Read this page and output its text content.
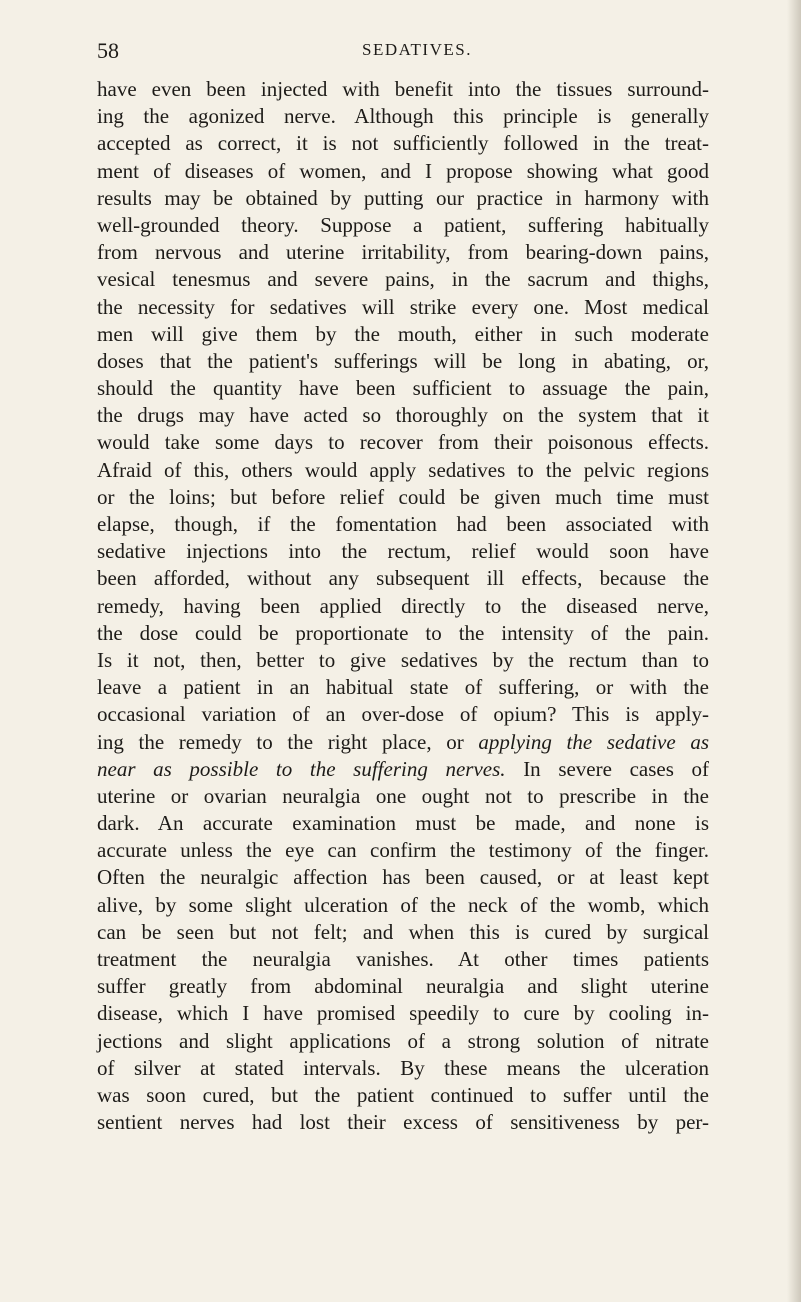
58	SEDATIVES.
have even been injected with benefit into the tissues surround-
ing the agonized nerve. Although this principle is generally
accepted as correct, it is not sufficiently followed in the treat-
ment of diseases of women, and I propose showing what good
results may be obtained by putting our practice in harmony with
well-grounded theory. Suppose a patient, suffering habitually
from nervous and uterine irritability, from bearing-down pains,
vesical tenesmus and severe pains, in the sacrum and thighs,
the necessity for sedatives will strike every one. Most medical
men will give them by the mouth, either in such moderate
doses that the patient's sufferings will be long in abating, or,
should the quantity have been sufficient to assuage the pain,
the drugs may have acted so thoroughly on the system that it
would take some days to recover from their poisonous effects.
Afraid of this, others would apply sedatives to the pelvic regions
or the loins; but before relief could be given much time must
elapse, though, if the fomentation had been associated with
sedative injections into the rectum, relief would soon have
been afforded, without any subsequent ill effects, because the
remedy, having been applied directly to the diseased nerve,
the dose could be proportionate to the intensity of the pain.
Is it not, then, better to give sedatives by the rectum than to
leave a patient in an habitual state of suffering, or with the
occasional variation of an over-dose of opium? This is apply-
ing the remedy to the right place, or applying the sedative as
near as possible to the suffering nerves. In severe cases of
uterine or ovarian neuralgia one ought not to prescribe in the
dark. An accurate examination must be made, and none is
accurate unless the eye can confirm the testimony of the finger.
Often the neuralgic affection has been caused, or at least kept
alive, by some slight ulceration of the neck of the womb, which
can be seen but not felt; and when this is cured by surgical
treatment the neuralgia vanishes. At other times patients
suffer greatly from abdominal neuralgia and slight uterine
disease, which I have promised speedily to cure by cooling in-
jections and slight applications of a strong solution of nitrate
of silver at stated intervals. By these means the ulceration
was soon cured, but the patient continued to suffer until the
sentient nerves had lost their excess of sensitiveness by per-
